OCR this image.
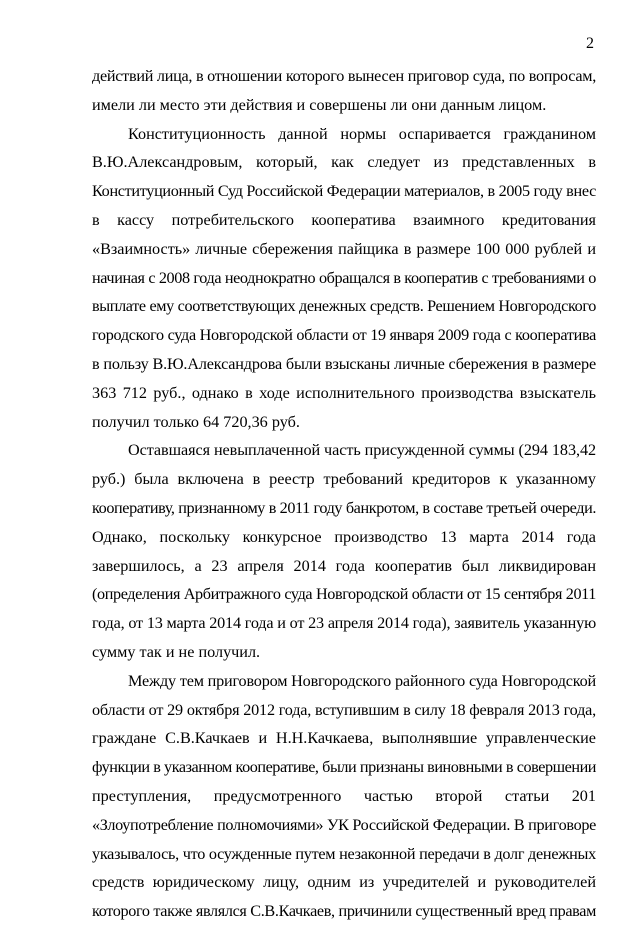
2
действий лица, в отношении которого вынесен приговор суда, по вопросам,
имели ли место эти действия и совершены ли они данным лицом.
Конституционность данной нормы оспаривается гражданином
В.Ю.Александровым, который, как следует из представленных в
Конституционный Суд Российской Федерации материалов, в 2005 году внес
в кассу потребительского кооператива взаимного кредитования
«Взаимность» личные сбережения пайщика в размере 100 000 рублей и
начиная с 2008 года неоднократно обращался в кооператив с требованиями о
выплате ему соответствующих денежных средств. Решением Новгородского
городского суда Новгородской области от 19 января 2009 года с кооператива
в пользу В.Ю.Александрова были взысканы личные сбережения в размере
363 712 руб., однако в ходе исполнительного производства взыскатель
получил только 64 720,36 руб.
Оставшаяся невыплаченной часть присужденной суммы (294 183,42
руб.) была включена в реестр требований кредиторов к указанному
кооперативу, признанному в 2011 году банкротом, в составе третьей очереди.
Однако, поскольку конкурсное производство 13 марта 2014 года
завершилось, а 23 апреля 2014 года кооператив был ликвидирован
(определения Арбитражного суда Новгородской области от 15 сентября 2011
года, от 13 марта 2014 года и от 23 апреля 2014 года), заявитель указанную
сумму так и не получил.
Между тем приговором Новгородского районного суда Новгородской
области от 29 октября 2012 года, вступившим в силу 18 февраля 2013 года,
граждане С.В.Качкаев и Н.Н.Качкаева, выполнявшие управленческие
функции в указанном кооперативе, были признаны виновными в совершении
преступления, предусмотренного частью второй статьи 201
«Злоупотребление полномочиями» УК Российской Федерации. В приговоре
указывалось, что осужденные путем незаконной передачи в долг денежных
средств юридическому лицу, одним из учредителей и руководителей
которого также являлся С.В.Качкаев, причинили существенный вред правам
